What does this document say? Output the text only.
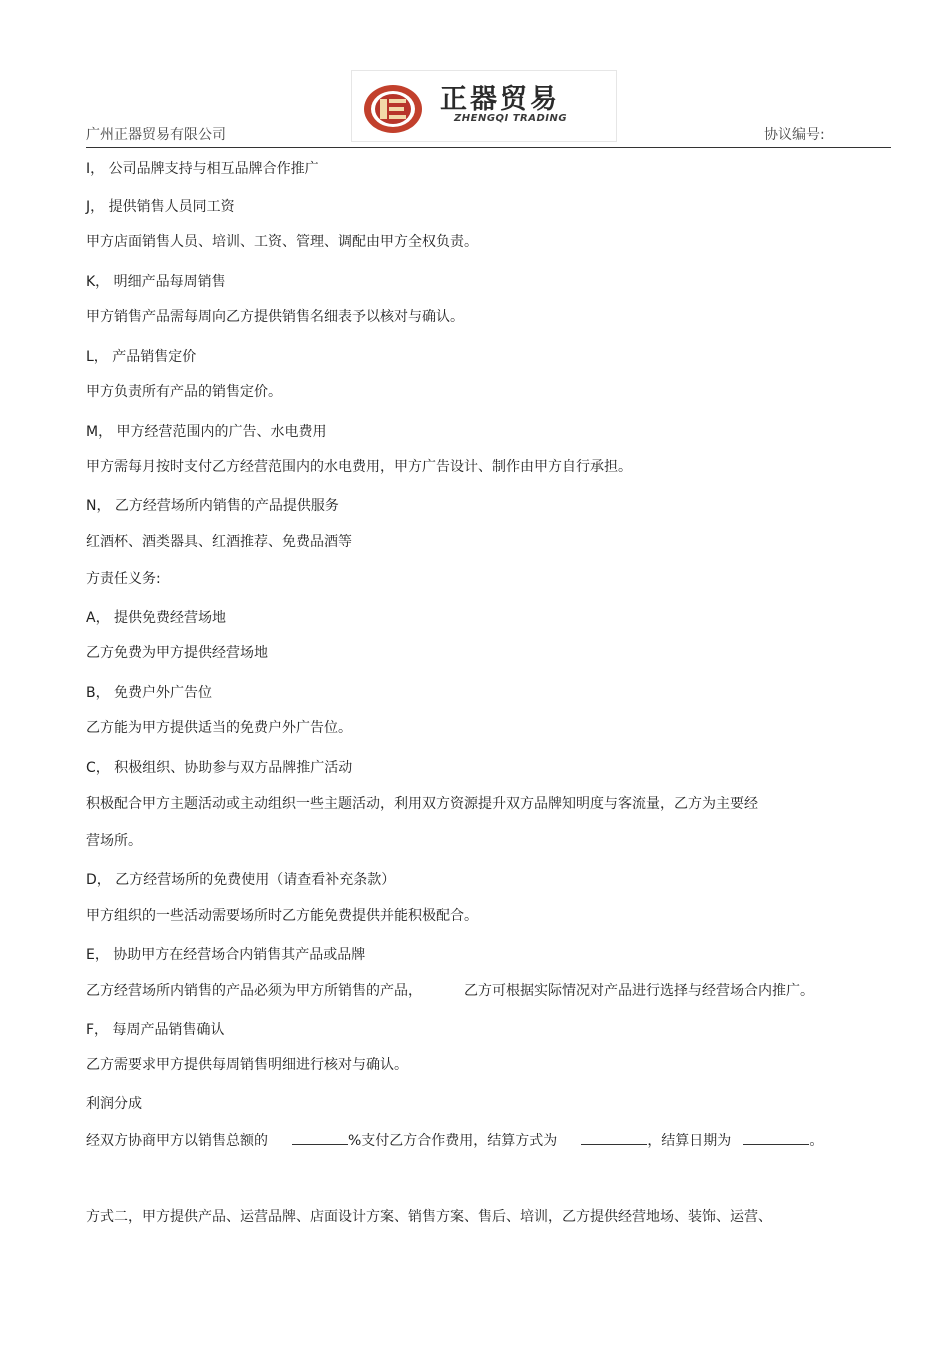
正器贸易
ZHENGQI TRADING
广州正器贸易有限公司	协议编号:
I， 公司品牌支持与相互品牌合作推广
J， 提供销售人员同工资
甲方店面销售人员、培训、工资、管理、调配由甲方全权负责。
K， 明细产品每周销售
甲方销售产品需每周向乙方提供销售名细表予以核对与确认。
L， 产品销售定价
甲方负责所有产品的销售定价。
M， 甲方经营范围内的广告、水电费用
甲方需每月按时支付乙方经营范围内的水电费用，甲方广告设计、制作由甲方自行承担。
N， 乙方经营场所内销售的产品提供服务
红酒杯、酒类器具、红酒推荐、免费品酒等
方责任义务:
A， 提供免费经营场地
乙方免费为甲方提供经营场地
B， 免费户外广告位
乙方能为甲方提供适当的免费户外广告位。
C， 积极组织、协助参与双方品牌推广活动
积极配合甲方主题活动或主动组织一些主题活动，利用双方资源提升双方品牌知明度与客流量，乙方为主要经
营场所。
D， 乙方经营场所的免费使用（请查看补充条款）
甲方组织的一些活动需要场所时乙方能免费提供并能积极配合。
E， 协助甲方在经营场合内销售其产品或品牌
乙方经营场所内销售的产品必须为甲方所销售的产品，	乙方可根据实际情况对产品进行选择与经营场合内推广。
F， 每周产品销售确认
乙方需要求甲方提供每周销售明细进行核对与确认。
利润分成
经双方协商甲方以销售总额的	%支付乙方合作费用，结算方式为	，结算日期为	。
方式二，甲方提供产品、运营品牌、店面设计方案、销售方案、售后、培训，乙方提供经营地场、装饰、运营、
